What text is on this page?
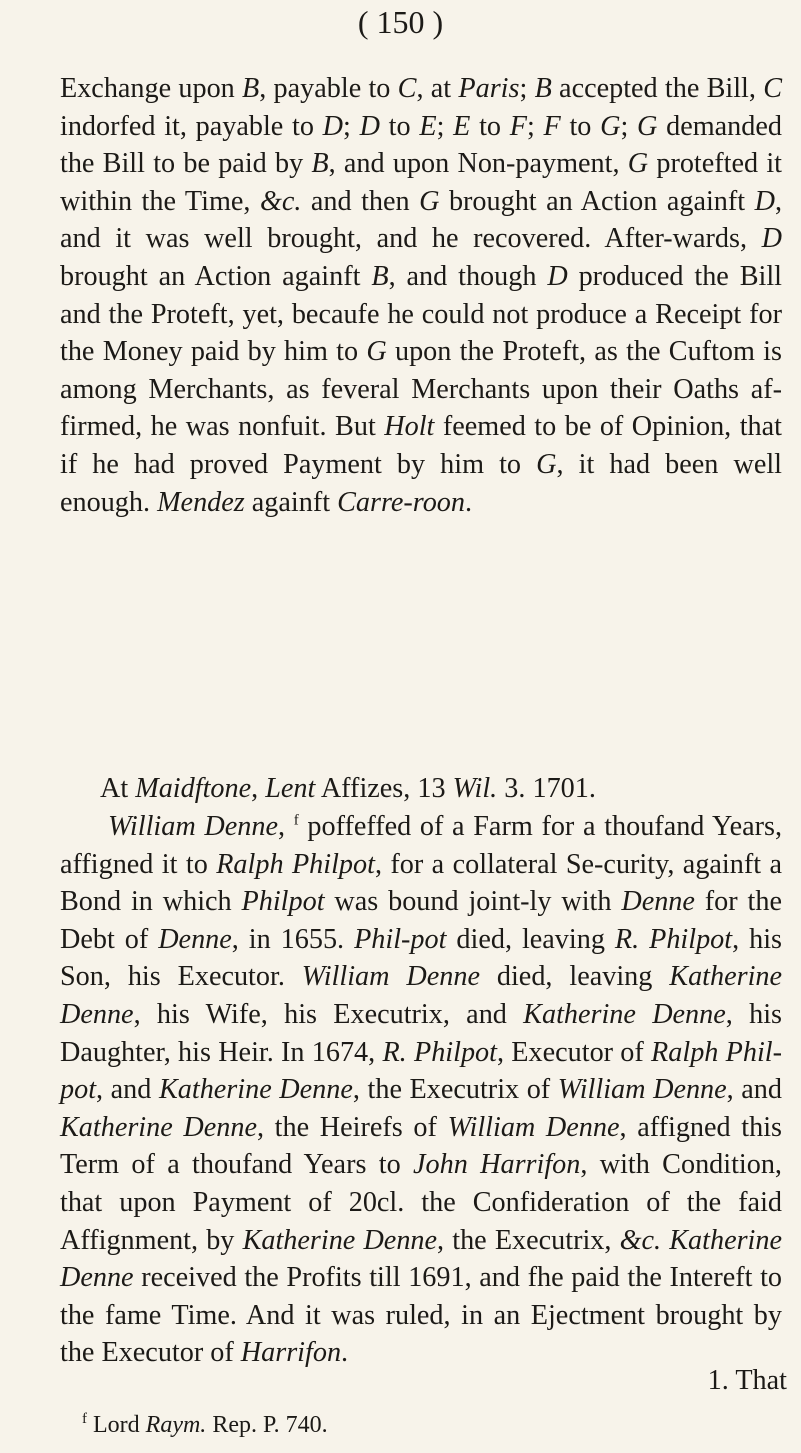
( 150 )

Exchange upon B, payable to C, at Paris; B accepted the Bill, C indorfed it, payable to D; D to E; E to F; F to G; G demanded the Bill to be paid by B, and upon Non-payment, G protefted it within the Time, &c. and then G brought an Action againft D, and it was well brought, and he recovered. After-wards, D brought an Action againft B, and though D produced the Bill and the Proteft, yet, becaufe he could not produce a Receipt for the Money paid by him to G upon the Proteft, as the Cuftom is among Merchants, as feveral Merchants upon their Oaths af-firmed, he was nonfuit. But Holt feemed to be of Opinion, that if he had proved Payment by him to G, it had been well enough. Mendez againft Carre-roon.

At Maidftone, Lent Affizes, 13 Wil. 3. 1701.

William Denne, $^f$ poffeffed of a Farm for a thoufand Years, affigned it to Ralph Philpot, for a collateral Se-curity, againft a Bond in which Philpot was bound joint-ly with Denne for the Debt of Denne, in 1655. Phil-pot died, leaving R. Philpot, his Son, his Executor. William Denne died, leaving Katherine Denne, his Wife, his Executrix, and Katherine Denne, his Daughter, his Heir. In 1674, R. Philpot, Executor of Ralph Phil-pot, and Katherine Denne, the Executrix of William Denne, and Katherine Denne, the Heirefs of William Denne, affigned this Term of a thoufand Years to John Harrifon, with Condition, that upon Payment of 20cl. the Confideration of the faid Affignment, by Katherine Denne, the Executrix, &c. Katherine Denne received the Profits till 1691, and fhe paid the Intereft to the fame Time. And it was ruled, in an Ejectment brought by the Executor of Harrifon.

1. That
$^f$ Lord Raym. Rep. P. 740.
